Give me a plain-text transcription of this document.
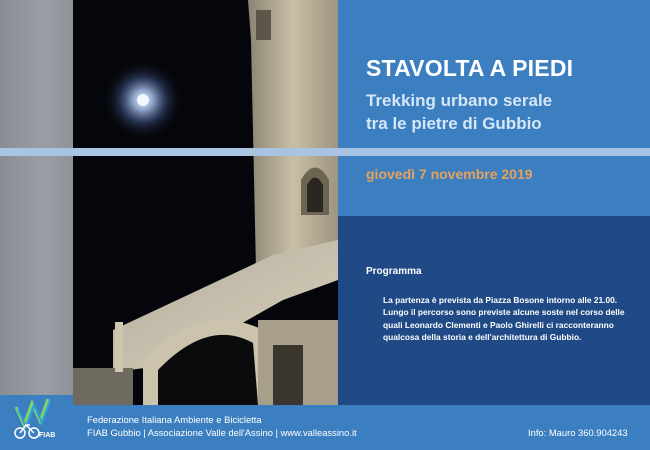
STAVOLTA A PIEDI
Trekking urbano serale
tra le pietre di Gubbio
giovedì 7 novembre 2019
Programma
La partenza è prevista da Piazza Bosone intorno alle 21.00.
Lungo il percorso sono previste alcune soste nel corso delle
quali Leonardo Clementi e Paolo Ghirelli ci racconteranno
qualcosa della storia e dell'architettura di Gubbio.
FIAB
Federazione Italiana Ambiente e Bicicletta
FIAB Gubbio | Associazione Valle dell'Assino | www.valleassino.it	Info: Mauro 360.904243
